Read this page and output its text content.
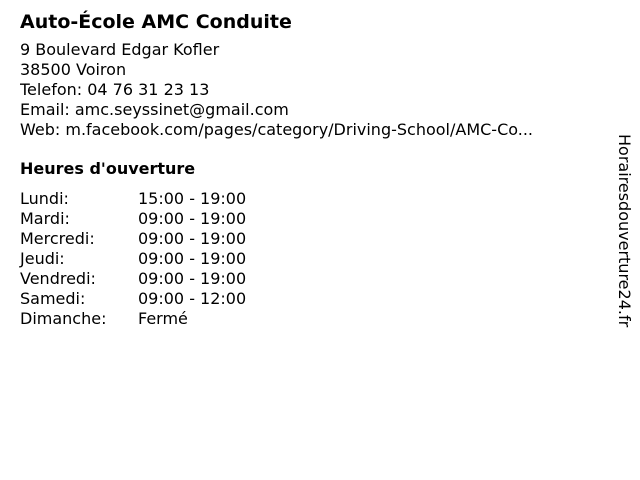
Auto-École AMC Conduite
9 Boulevard Edgar Kofler
38500 Voiron
Telefon: 04 76 31 23 13
Email: amc.seyssinet@gmail.com
Web: m.facebook.com/pages/category/Driving-School/AMC-Co...
Heures d'ouverture
Lundi:	15:00 - 19:00
Mardi:	09:00 - 19:00
Mercredi:	09:00 - 19:00
Jeudi:	09:00 - 19:00
Vendredi:	09:00 - 19:00
Samedi:	09:00 - 12:00
Dimanche:	Fermé	Horairesdouverture24.fr
